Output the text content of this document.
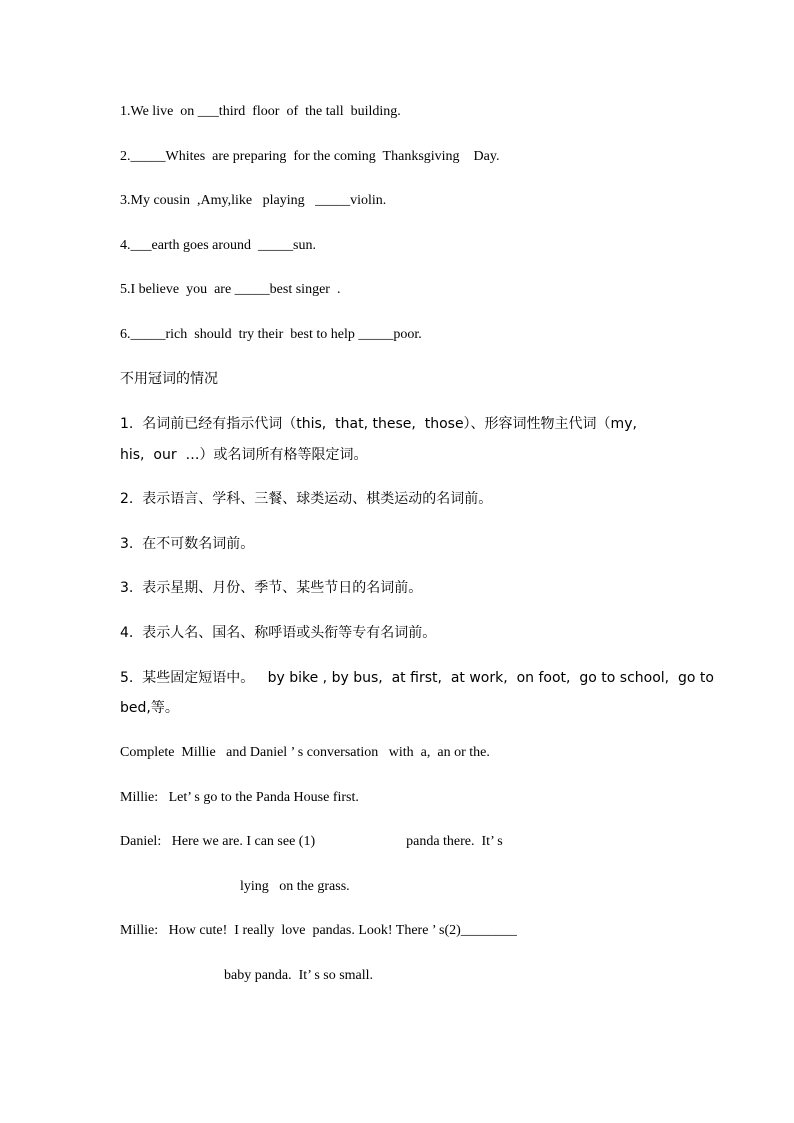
1.We live  on ___third  floor  of  the tall  building.

2._____Whites  are preparing  for the coming  Thanksgiving    Day.

3.My cousin  ,Amy,like   playing   _____violin.

4.___earth goes around  _____sun.

5.I believe  you  are _____best singer  .

6._____rich  should  try their  best to help _____poor.

不用冠词的情况

1.  名词前已经有指示代词（this,  that, these,  those）、形容词性物主代词（my,

his,  our  …）或名词所有格等限定词。

2.  表示语言、学科、三餐、球类运动、棋类运动的名词前。

3.  在不可数名词前。

3.  表示星期、月份、季节、某些节日的名词前。

4.  表示人名、国名、称呼语或头衔等专有名词前。

5.  某些固定短语中。   by bike , by bus,  at first,  at work,  on foot,  go to school,  go to

bed,等。

Complete  Millie   and Daniel ’ s conversation   with  a,  an or the.

Millie:   Let’ s go to the Panda House first.

Daniel:   Here we are. I can see (1)                          panda there.  It’ s

lying   on the grass.

Millie:   How cute!  I really  love  pandas. Look! There ’ s(2)________

baby panda.  It’ s so small.
